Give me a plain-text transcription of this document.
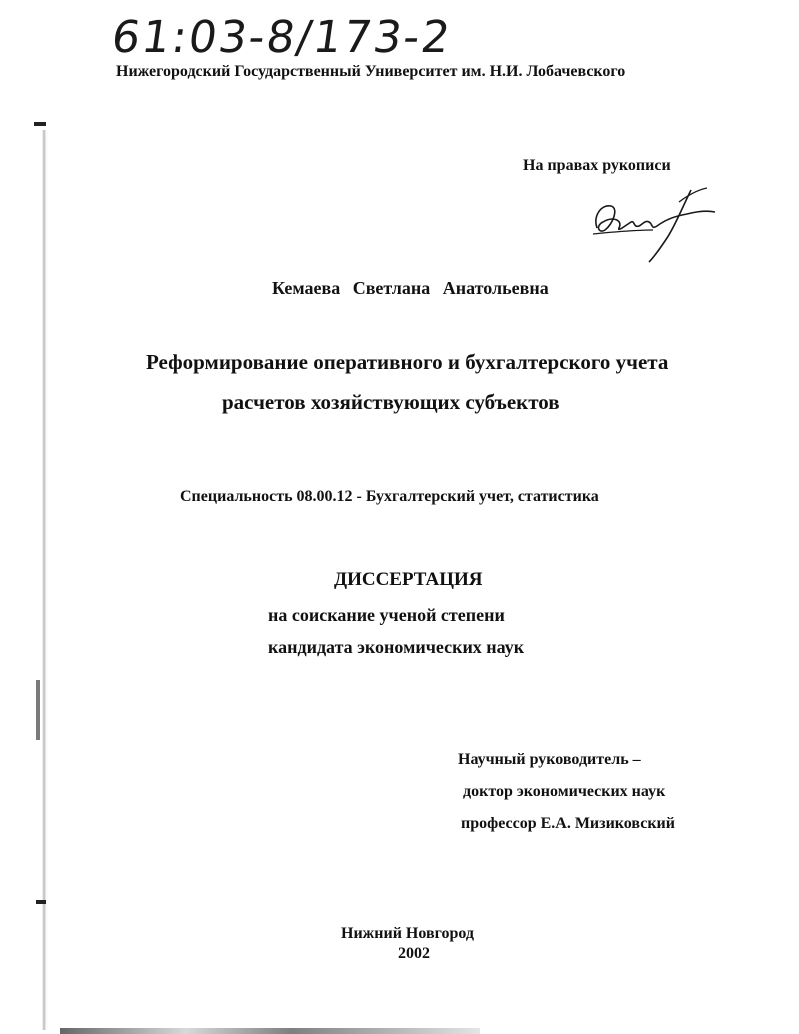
61:03-8/173-2
Нижегородский Государственный Университет им. Н.И. Лобачевского
На правах рукописи
Кемаева Светлана Анатольевна
Реформирование оперативного и бухгалтерского учета
расчетов хозяйствующих субъектов
Специальность 08.00.12 - Бухгалтерский учет, статистика
ДИССЕРТАЦИЯ
на соискание ученой степени
кандидата экономических наук
Научный руководитель –
доктор экономических наук
профессор Е.А. Мизиковский
Нижний Новгород
2002
